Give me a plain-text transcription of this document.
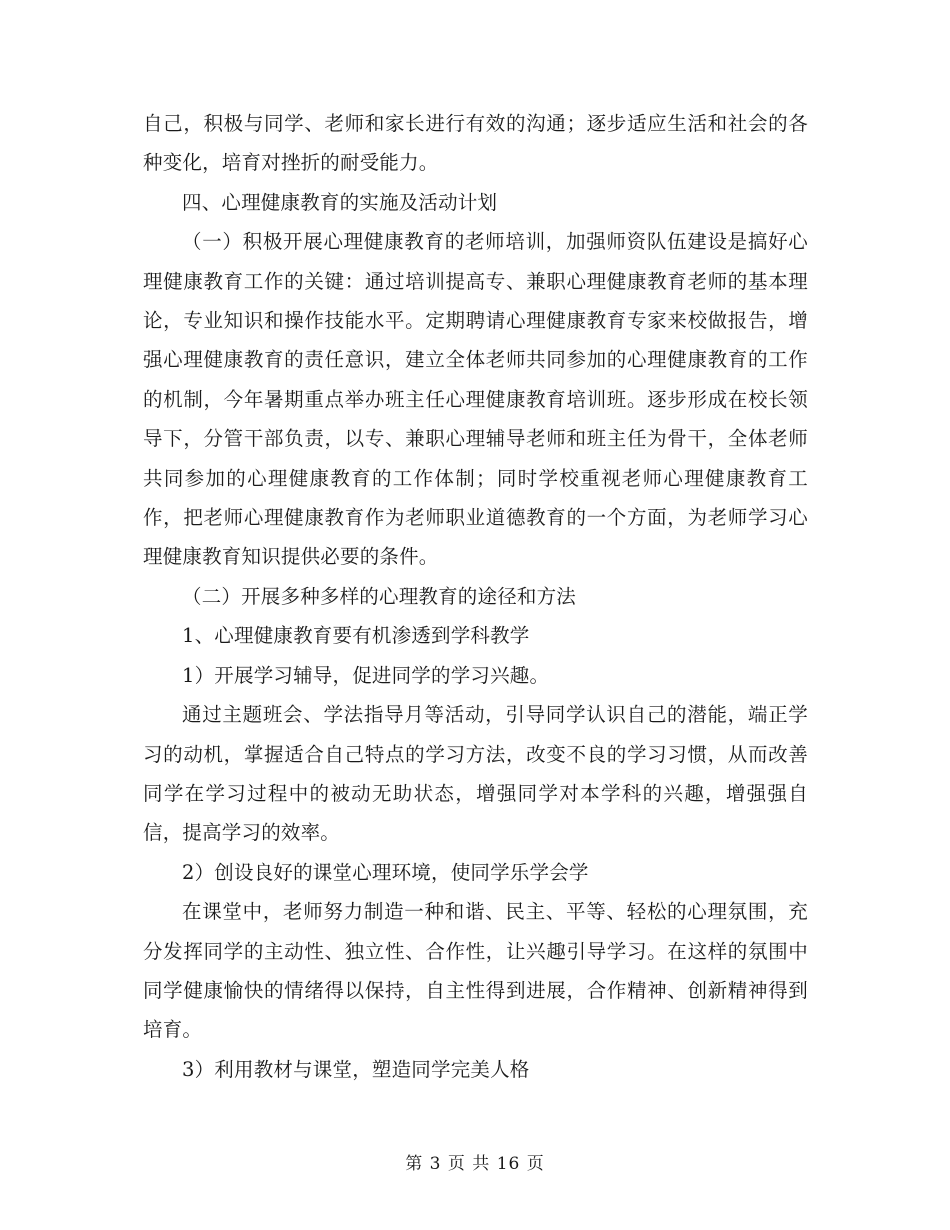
自己，积极与同学、老师和家长进行有效的沟通；逐步适应生活和社会的各种变化，培育对挫折的耐受能力。

四、心理健康教育的实施及活动计划

（一）积极开展心理健康教育的老师培训，加强师资队伍建设是搞好心理健康教育工作的关键：通过培训提高专、兼职心理健康教育老师的基本理论，专业知识和操作技能水平。定期聘请心理健康教育专家来校做报告，增强心理健康教育的责任意识，建立全体老师共同参加的心理健康教育的工作的机制，今年暑期重点举办班主任心理健康教育培训班。逐步形成在校长领导下，分管干部负责，以专、兼职心理辅导老师和班主任为骨干，全体老师共同参加的心理健康教育的工作体制；同时学校重视老师心理健康教育工作，把老师心理健康教育作为老师职业道德教育的一个方面，为老师学习心理健康教育知识提供必要的条件。

（二）开展多种多样的心理教育的途径和方法

1、心理健康教育要有机渗透到学科教学

1）开展学习辅导，促进同学的学习兴趣。

通过主题班会、学法指导月等活动，引导同学认识自己的潜能，端正学习的动机，掌握适合自己特点的学习方法，改变不良的学习习惯，从而改善同学在学习过程中的被动无助状态，增强同学对本学科的兴趣，增强强自信，提高学习的效率。

2）创设良好的课堂心理环境，使同学乐学会学

在课堂中，老师努力制造一种和谐、民主、平等、轻松的心理氛围，充分发挥同学的主动性、独立性、合作性，让兴趣引导学习。在这样的氛围中同学健康愉快的情绪得以保持，自主性得到进展，合作精神、创新精神得到培育。

3）利用教材与课堂，塑造同学完美人格

第 3 页 共 16 页
